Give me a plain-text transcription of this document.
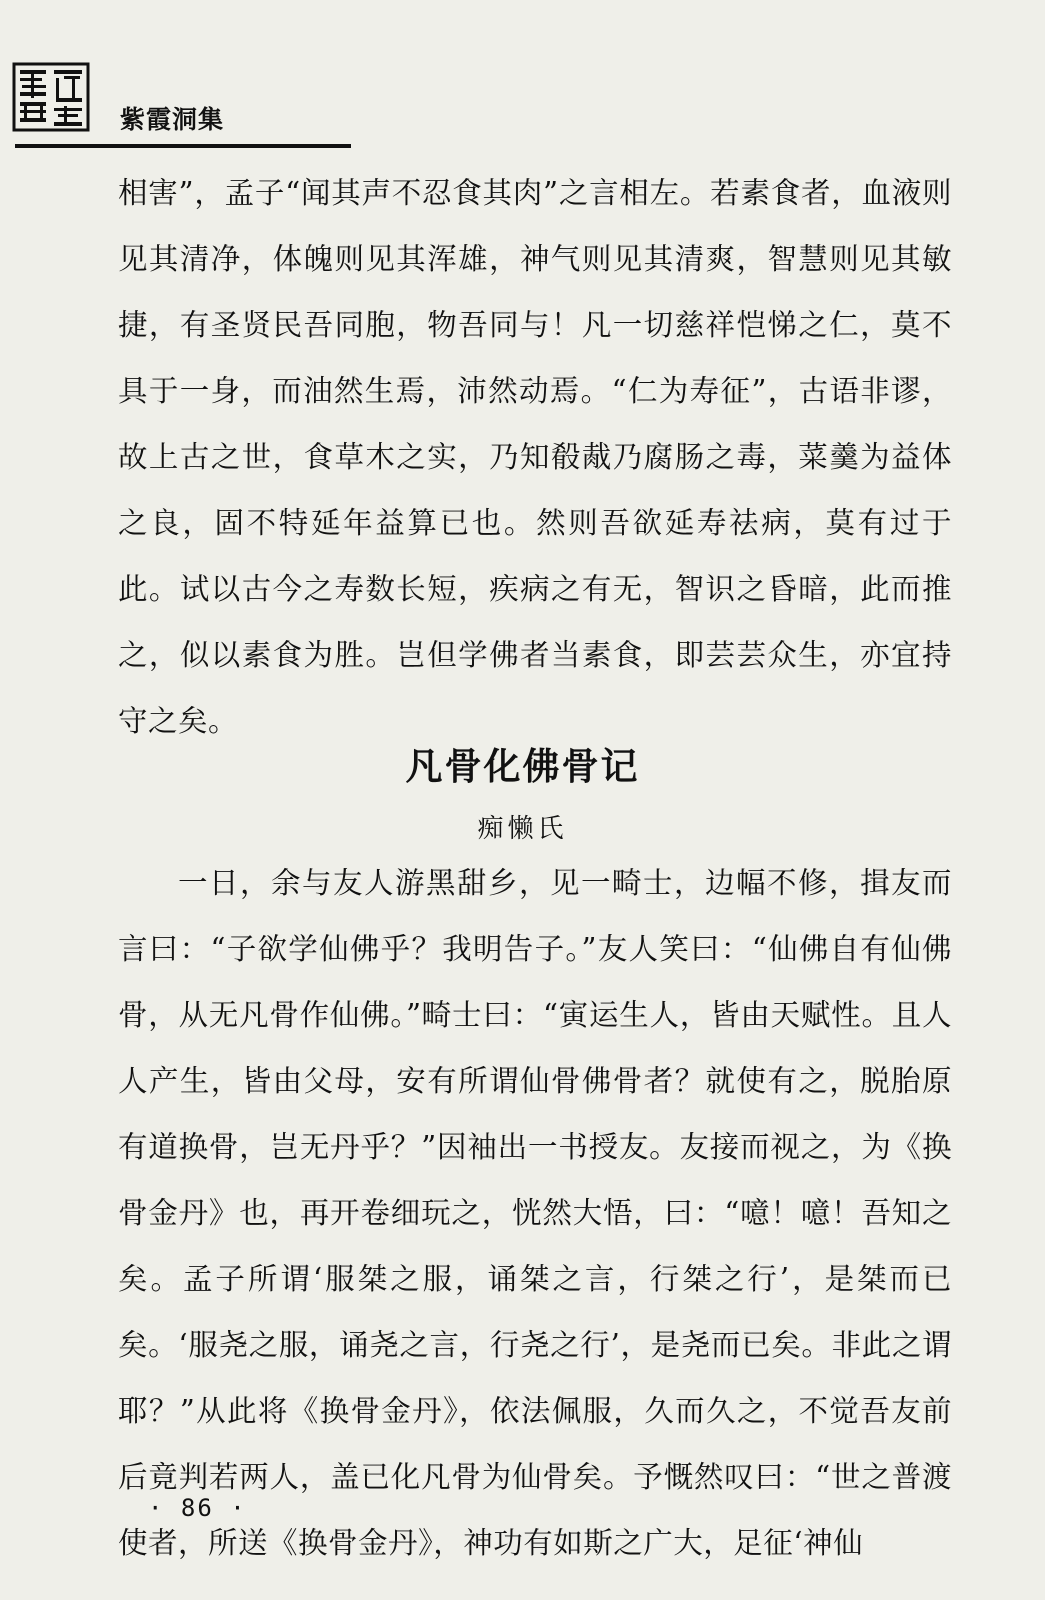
紫霞洞集
相害”，孟子“闻其声不忍食其肉”之言相左。若素食者，血液则见其清净，体魄则见其浑雄，神气则见其清爽，智慧则见其敏捷，有圣贤民吾同胞，物吾同与！凡一切慈祥恺悌之仁，莫不具于一身，而油然生焉，沛然动焉。“仁为寿征”，古语非谬，故上古之世，食草木之实，乃知殽胾乃腐肠之毒，菜羹为益体之良，固不特延年益算已也。然则吾欲延寿祛病，莫有过于此。试以古今之寿数长短，疾病之有无，智识之昏暗，此而推之，似以素食为胜。岂但学佛者当素食，即芸芸众生，亦宜持守之矣。
凡骨化佛骨记
痴懒氏
一日，余与友人游黑甜乡，见一畸士，边幅不修，揖友而言曰：“子欲学仙佛乎？我明告子。”友人笑曰：“仙佛自有仙佛骨，从无凡骨作仙佛。”畸士曰：“寅运生人，皆由天赋性。且人人产生，皆由父母，安有所谓仙骨佛骨者？就使有之，脱胎原有道换骨，岂无丹乎？”因袖出一书授友。友接而视之，为《换骨金丹》也，再开卷细玩之，恍然大悟，曰：“噫！噫！吾知之矣。孟子所谓‘服桀之服，诵桀之言，行桀之行’，是桀而已矣。‘服尧之服，诵尧之言，行尧之行’，是尧而已矣。非此之谓耶？”从此将《换骨金丹》，依法佩服，久而久之，不觉吾友前后竟判若两人，盖已化凡骨为仙骨矣。予慨然叹曰：“世之普渡使者，所送《换骨金丹》，神功有如斯之广大，足征‘神仙
· 86 ·
